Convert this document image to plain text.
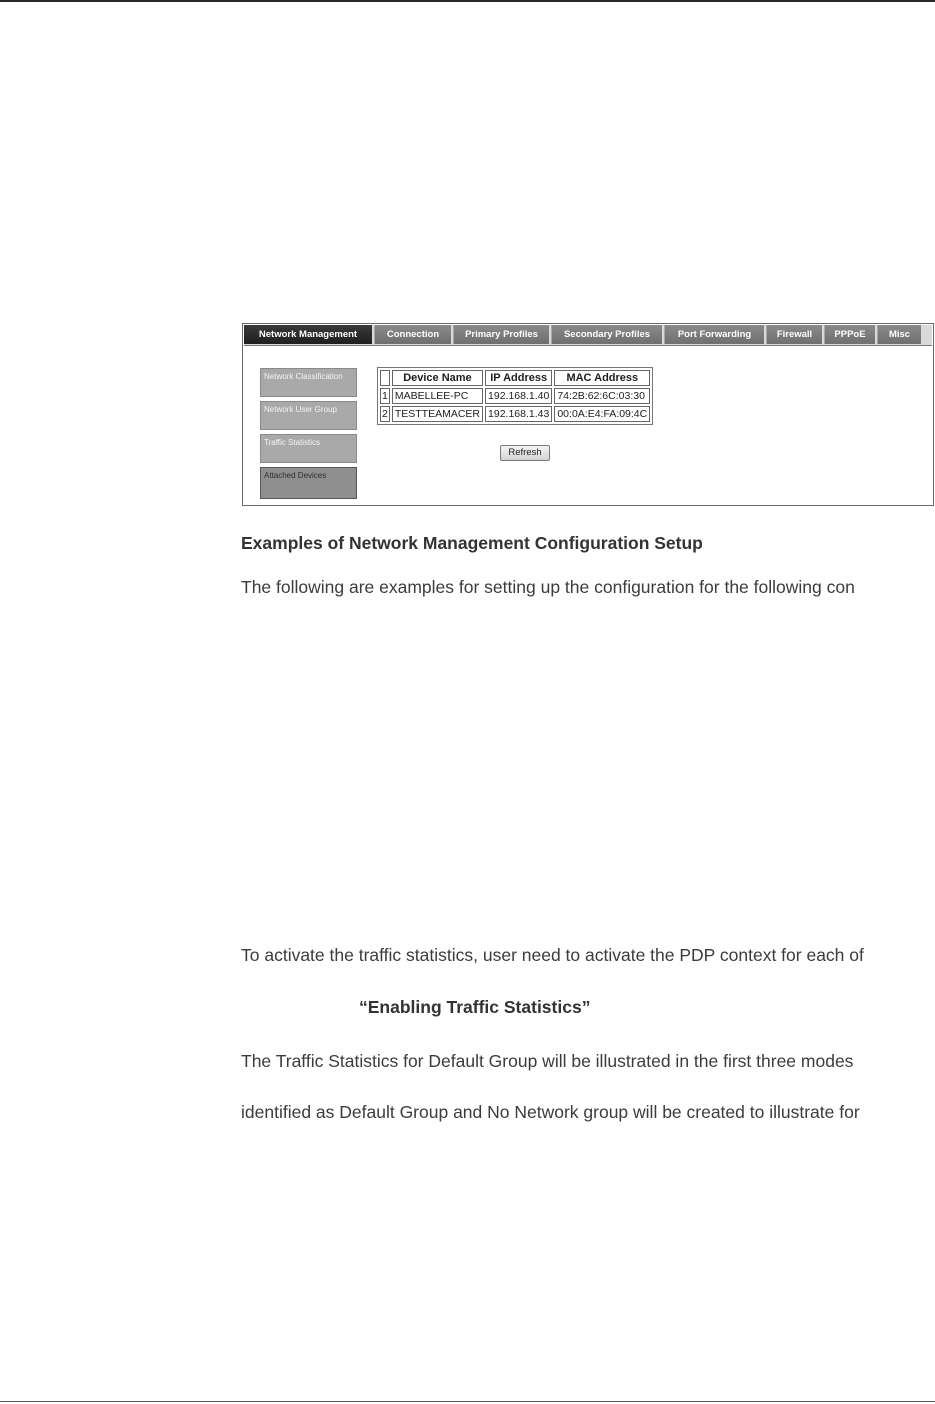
Network Management	Connection	Primary Profiles	Secondary Profiles	Port Forwarding	Firewall	PPPoE	Misc
Network Classification
Network User Group
Traffic Statistics
Attached Devices
	Device Name	IP Address	MAC Address
1	MABELLEE-PC	192.168.1.40	74:2B:62:6C:03:30
2	TESTTEAMACER	192.168.1.43	00:0A:E4:FA:09:4C
Refresh
Examples of Network Management Configuration Setup
The following are examples for setting up the configuration for the following con
To activate the traffic statistics, user need to activate the PDP context for each of
“Enabling Traffic Statistics”
The Traffic Statistics for Default Group will be illustrated in the first three modes
identified as Default Group and No Network group will be created to illustrate for
